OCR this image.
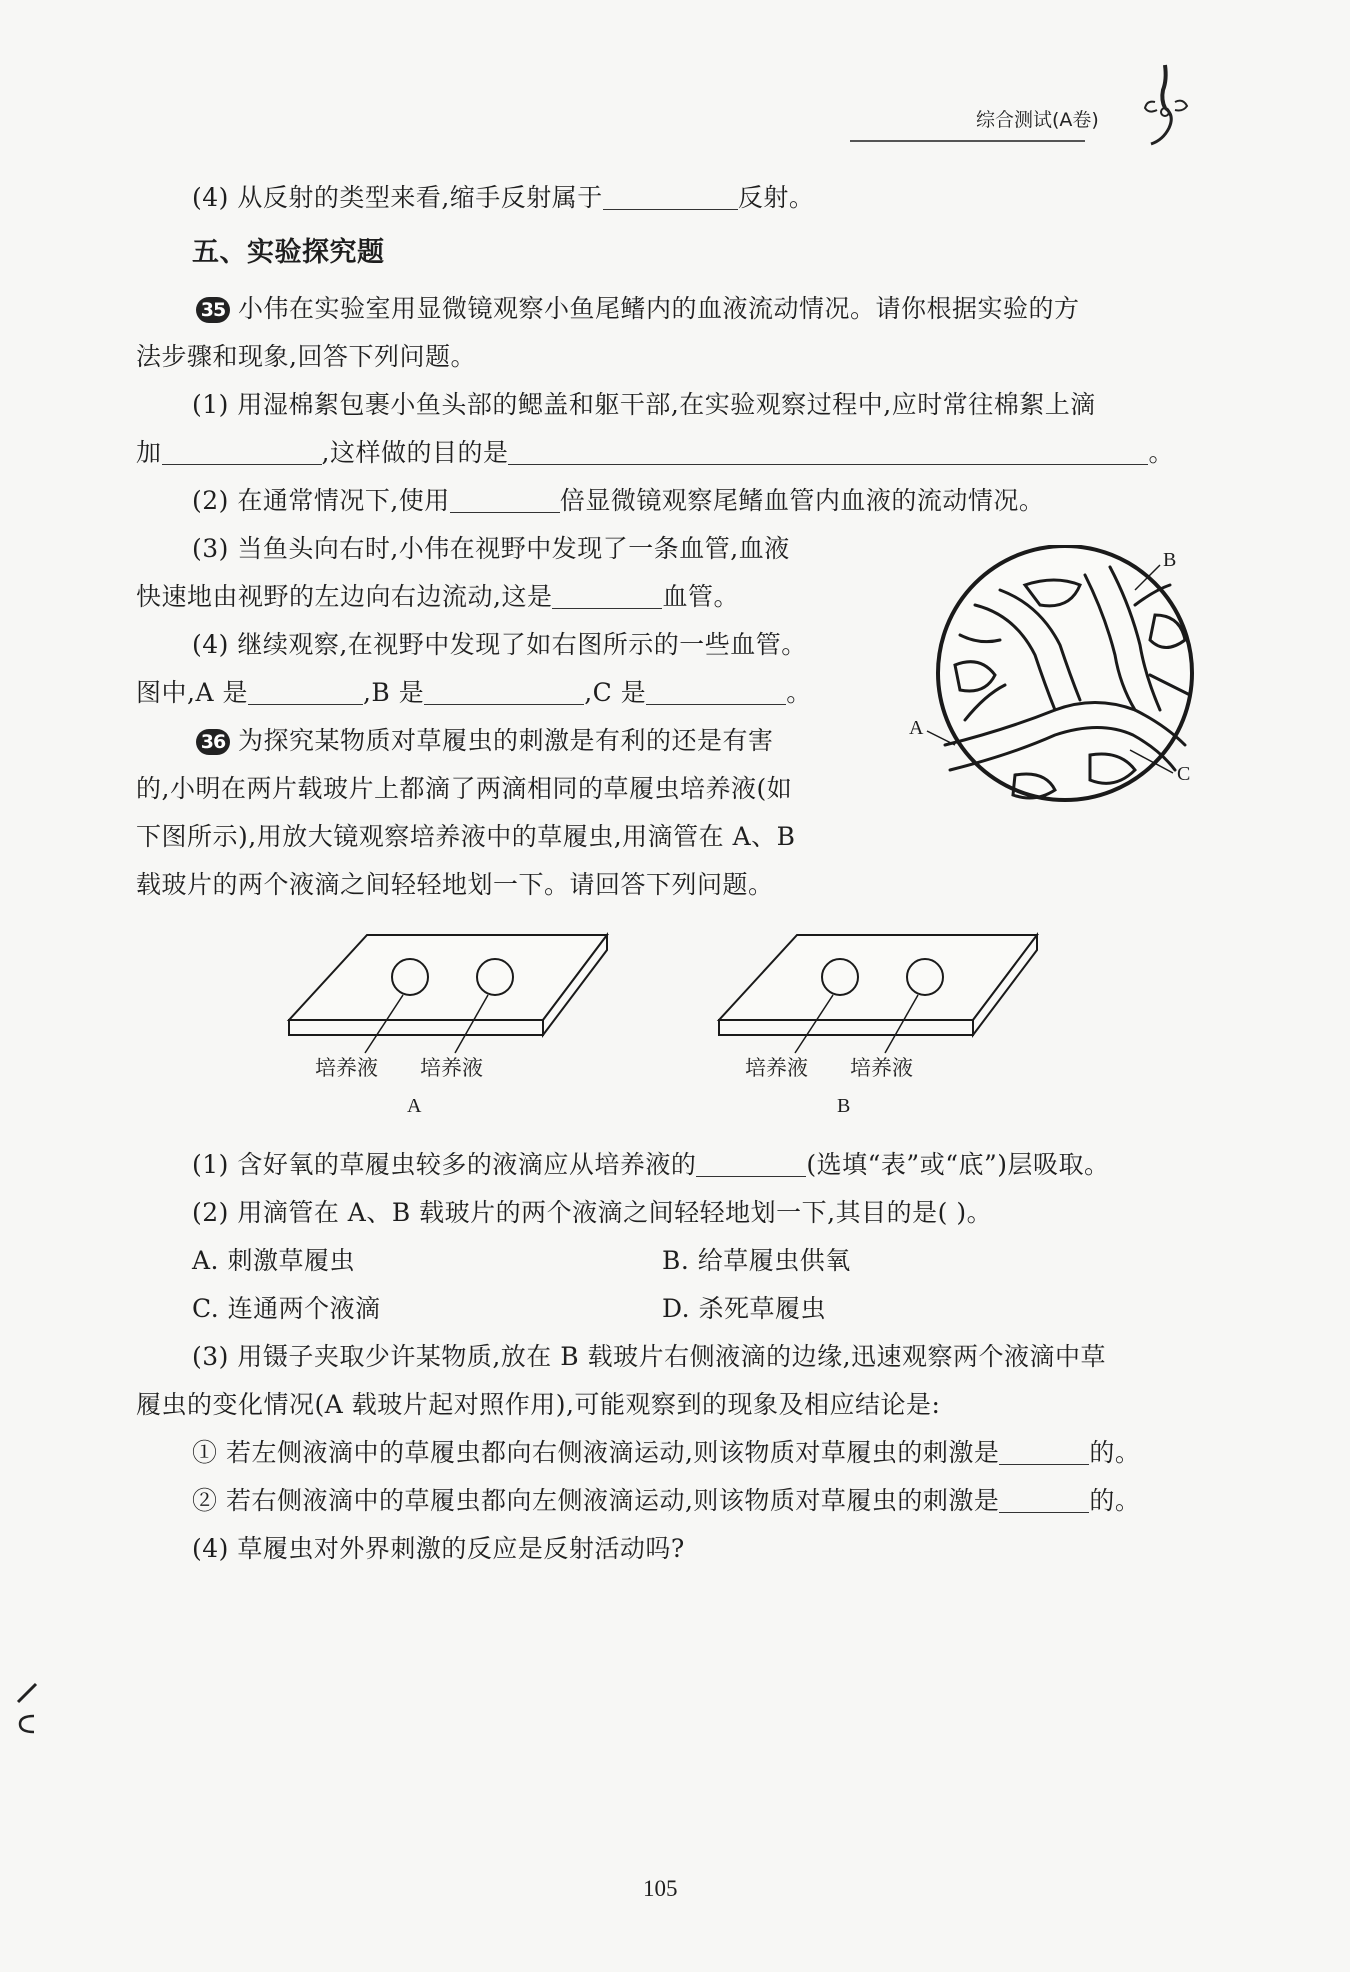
综合测试(A卷)
(4) 从反射的类型来看,缩手反射属于	反射。
五、实验探究题
35 小伟在实验室用显微镜观察小鱼尾鳍内的血液流动情况。请你根据实验的方
法步骤和现象,回答下列问题。
(1) 用湿棉絮包裹小鱼头部的鳃盖和躯干部,在实验观察过程中,应时常往棉絮上滴
加	,这样做的目的是	。
(2) 在通常情况下,使用	倍显微镜观察尾鳍血管内血液的流动情况。
(3) 当鱼头向右时,小伟在视野中发现了一条血管,血液
快速地由视野的左边向右边流动,这是	血管。
(4) 继续观察,在视野中发现了如右图所示的一些血管。
图中,A 是	,B 是	,C 是	。
B
A
C
36 为探究某物质对草履虫的刺激是有利的还是有害
的,小明在两片载玻片上都滴了两滴相同的草履虫培养液(如
下图所示),用放大镜观察培养液中的草履虫,用滴管在 A、B
载玻片的两个液滴之间轻轻地划一下。请回答下列问题。
培养液 培养液
A
培养液 培养液
B
(1) 含好氧的草履虫较多的液滴应从培养液的	(选填“表”或“底”)层吸取。
(2) 用滴管在 A、B 载玻片的两个液滴之间轻轻地划一下,其目的是( )。
A. 刺激草履虫	B. 给草履虫供氧
C. 连通两个液滴	D. 杀死草履虫
(3) 用镊子夹取少许某物质,放在 B 载玻片右侧液滴的边缘,迅速观察两个液滴中草
履虫的变化情况(A 载玻片起对照作用),可能观察到的现象及相应结论是:
① 若左侧液滴中的草履虫都向右侧液滴运动,则该物质对草履虫的刺激是	的。
② 若右侧液滴中的草履虫都向左侧液滴运动,则该物质对草履虫的刺激是	的。
(4) 草履虫对外界刺激的反应是反射活动吗?
105
